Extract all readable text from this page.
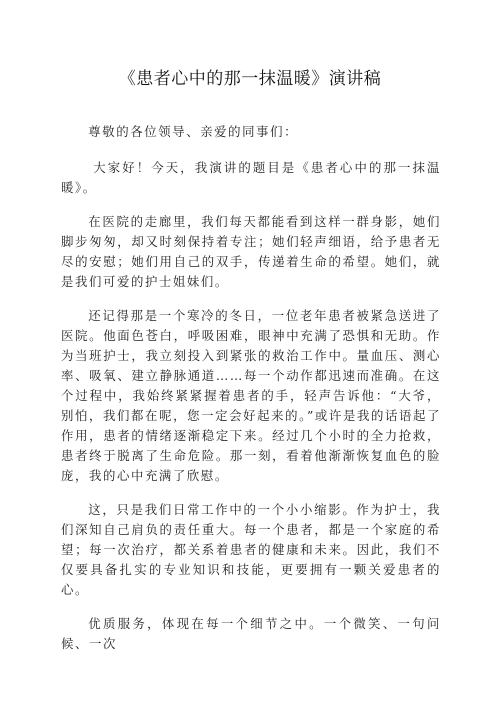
《患者心中的那一抹温暖》演讲稿

尊敬的各位领导、亲爱的同事们：

大家好！今天，我演讲的题目是《患者心中的那一抹温暖》。

在医院的走廊里，我们每天都能看到这样一群身影，她们脚步匆匆，却又时刻保持着专注；她们轻声细语，给予患者无尽的安慰；她们用自己的双手，传递着生命的希望。她们，就是我们可爱的护士姐妹们。

还记得那是一个寒冷的冬日，一位老年患者被紧急送进了医院。他面色苍白，呼吸困难，眼神中充满了恐惧和无助。作为当班护士，我立刻投入到紧张的救治工作中。量血压、测心率、吸氧、建立静脉通道……每一个动作都迅速而准确。在这个过程中，我始终紧紧握着患者的手，轻声告诉他：“大爷，别怕，我们都在呢，您一定会好起来的。”或许是我的话语起了作用，患者的情绪逐渐稳定下来。经过几个小时的全力抢救，患者终于脱离了生命危险。那一刻，看着他渐渐恢复血色的脸庞，我的心中充满了欣慰。

这，只是我们日常工作中的一个小小缩影。作为护士，我们深知自己肩负的责任重大。每一个患者，都是一个家庭的希望；每一次治疗，都关系着患者的健康和未来。因此，我们不仅要具备扎实的专业知识和技能，更要拥有一颗关爱患者的心。

优质服务，体现在每一个细节之中。一个微笑、一句问候、一次
